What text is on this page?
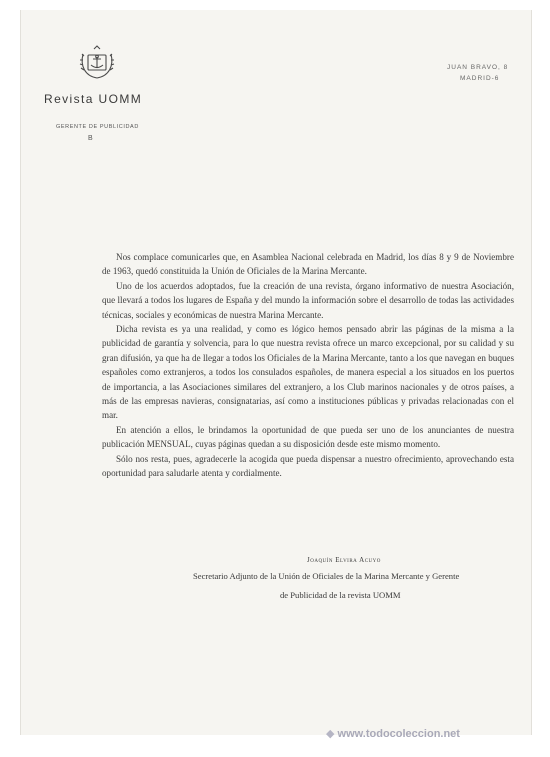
Revista UOMM
GERENTE DE PUBLICIDAD
B
JUAN BRAVO, 8
MADRID-6

Nos complace comunicarles que, en Asamblea Nacional celebrada en Madrid, los días 8 y 9 de Noviembre de 1963, quedó constituida la Unión de Oficiales de la Marina Mercante.

Uno de los acuerdos adoptados, fue la creación de una revista, órgano informativo de nuestra Asociación, que llevará a todos los lugares de España y del mundo la información sobre el desarrollo de todas las actividades técnicas, sociales y económicas de nuestra Marina Mercante.

Dicha revista es ya una realidad, y como es lógico hemos pensado abrir las páginas de la misma a la publicidad de garantía y solvencia, para lo que nuestra revista ofrece un marco excepcional, por su calidad y su gran difusión, ya que ha de llegar a todos los Oficiales de la Marina Mercante, tanto a los que navegan en buques españoles como extranjeros, a todos los consulados españoles, de manera especial a los situados en los puertos de importancia, a las Asociaciones similares del extranjero, a los Club marinos nacionales y de otros países, a más de las empresas navieras, consignatarias, así como a instituciones públicas y privadas relacionadas con el mar.

En atención a ellos, le brindamos la oportunidad de que pueda ser uno de los anunciantes de nuestra publicación MENSUAL, cuyas páginas quedan a su disposición desde este mismo momento.

Sólo nos resta, pues, agradecerle la acogida que pueda dispensar a nuestro ofrecimiento, aprovechando esta oportunidad para saludarle atenta y cordialmente.

Joaquín Elvira Acuyo
Secretario Adjunto de la Unión de Oficiales de la Marina Mercante y Gerente
de Publicidad de la revista UOMM
◆ www.todocoleccion.net
